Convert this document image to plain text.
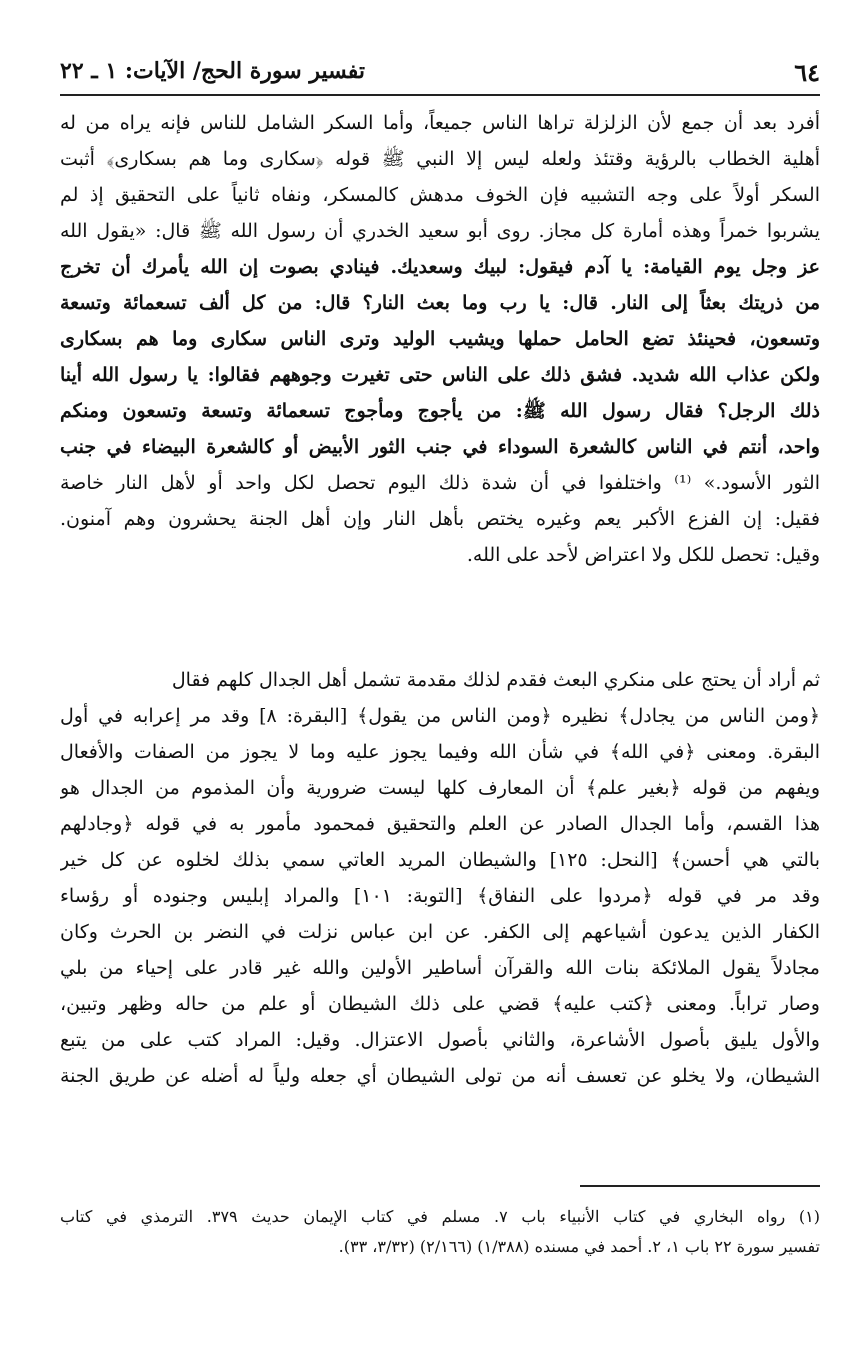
٦٤
تفسير سورة الحج/ الآيات: ١ ـ ٢٢
أفرد بعد أن جمع لأن الزلزلة تراها الناس جميعاً، وأما السكر الشامل للناس فإنه يراه من له
أهلية الخطاب بالرؤية وقتئذ ولعله ليس إلا النبي ﷺ قوله ﴿سكارى وما هم بسكارى﴾ أثبت
السكر أولاً على وجه التشبيه فإن الخوف مدهش كالمسكر، ونفاه ثانياً على التحقيق إذ لم
يشربوا خمراً وهذه أمارة كل مجاز. روى أبو سعيد الخدري أن رسول الله ﷺ قال: «يقول الله
عز وجل يوم القيامة: يا آدم فيقول: لبيك وسعديك. فينادي بصوت إن الله يأمرك أن تخرج
من ذريتك بعثاً إلى النار. قال: يا رب وما بعث النار؟ قال: من كل ألف تسعمائة وتسعة
وتسعون، فحينئذ تضع الحامل حملها ويشيب الوليد وترى الناس سكارى وما هم بسكارى
ولكن عذاب الله شديد. فشق ذلك على الناس حتى تغيرت وجوههم فقالوا: يا رسول الله أينا
ذلك الرجل؟ فقال رسول الله ﷺ: من يأجوج ومأجوج تسعمائة وتسعة وتسعون ومنكم
واحد، أنتم في الناس كالشعرة السوداء في جنب الثور الأبيض أو كالشعرة البيضاء في جنب
الثور الأسود.» ⁽¹⁾ واختلفوا في أن شدة ذلك اليوم تحصل لكل واحد أو لأهل النار خاصة
فقيل: إن الفزع الأكبر يعم وغيره يختص بأهل النار وإن أهل الجنة يحشرون وهم آمنون.
وقيل: تحصل للكل ولا اعتراض لأحد على الله.
ثم أراد أن يحتج على منكري البعث فقدم لذلك مقدمة تشمل أهل الجدال كلهم فقال
﴿ومن الناس من يجادل﴾ نظيره ﴿ومن الناس من يقول﴾ [البقرة: ٨] وقد مر إعرابه في أول
البقرة. ومعنى ﴿في الله﴾ في شأن الله وفيما يجوز عليه وما لا يجوز من الصفات والأفعال
ويفهم من قوله ﴿بغير علم﴾ أن المعارف كلها ليست ضرورية وأن المذموم من الجدال هو
هذا القسم، وأما الجدال الصادر عن العلم والتحقيق فمحمود مأمور به في قوله ﴿وجادلهم
بالتي هي أحسن﴾ [النحل: ١٢٥] والشيطان المريد العاتي سمي بذلك لخلوه عن كل خير
وقد مر في قوله ﴿مردوا على النفاق﴾ [التوبة: ١٠١] والمراد إبليس وجنوده أو رؤساء
الكفار الذين يدعون أشياعهم إلى الكفر. عن ابن عباس نزلت في النضر بن الحرث وكان
مجادلاً يقول الملائكة بنات الله والقرآن أساطير الأولين والله غير قادر على إحياء من بلي
وصار تراباً. ومعنى ﴿كتب عليه﴾ قضي على ذلك الشيطان أو علم من حاله وظهر وتبين،
والأول يليق بأصول الأشاعرة، والثاني بأصول الاعتزال. وقيل: المراد كتب على من يتبع
الشيطان، ولا يخلو عن تعسف أنه من تولى الشيطان أي جعله ولياً له أضله عن طريق الجنة
(١) رواه البخاري في كتاب الأنبياء باب ٧. مسلم في كتاب الإيمان حديث ٣٧٩. الترمذي في كتاب
تفسير سورة ٢٢ باب ١، ٢. أحمد في مسنده (١/٣٨٨) (٢/١٦٦) (٣/٣٢، ٣٣).
